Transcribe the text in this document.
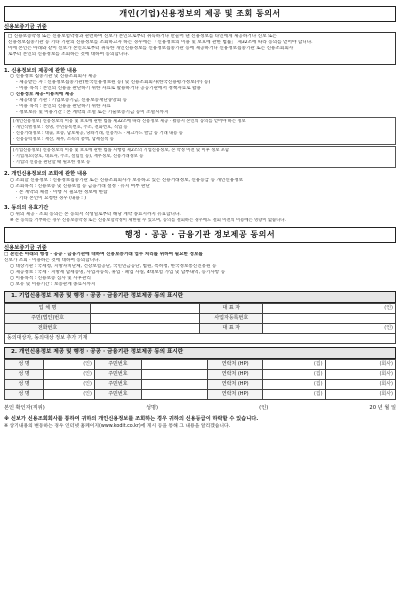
개인(기업)신용정보의 제공 및 조회 동의서
신용보증기금 귀중
□ 신용보증약정 또는 신용보험약정과 관련하여 신보가 본인으로부터 취득하거나 만들어 낸 신용정보를 타인에게 제공하거나 신보 또는
신용정보집중기관 등 기타 기관의 신용정보를 조회하고자 하는 경우에는 「신용정보의 이용 및 보호에 관한 법률」 제32조에 따라 동의를 얻어야 합니다.
이에 본인은 아래와 같이 신보가 본인으로부터 취득한 개인신용정보를 신용정보집중기관 등에 제공하거나 신용정보집중기관 또는 신용조회회사
로부터 본인의 신용정보를 조회하는 것에 대하여 동의합니다.
1. 신용정보의 제공에 관한 내용
○ 신용정보 집중기관 및 신용조회회사 제공
- 제공받는 자 : 신용정보집중기관(한국신용정보원 등) 및 신용조회회사(한국신용평가정보(주) 등)
- 이용 목적 : 본인의 신용을 판단하기 위한 자료로 활용하거나 공공기관에서 정책자료로 활용
○ 신용정보 제공·이용처에 제공
- 제공대상 기관 : 기업보증기금, 신용보증재단중앙회 등
- 이용 목적 : 본인의 신용을 판단하기 위한 자료
- 정보보유 및 이용기간 : 본 계약의 소멸 또는 기술보증기금 등이 소멸시까지
[개인신용정보] 신용정보의 이용 및 보호에 관한 법률 제32조에 따라 신용정보 제공 · 활용시 본인의 동의를 얻어야 하는 정보
· 개인식별정보 : 성명, 주민등록번호, 주소, 전화번호, 직업 등
· 신용거래정보 : 대출, 보증, 담보제공, 당좌거래, 신용카드 · 체크카드 발급 등 거래 내용 등
· 신용능력정보 : 재산, 채무, 소득의 총액, 납세실적 등
[기업신용정보] 신용정보의 이용 및 보호에 관한 법률 시행령 제2조의 기업신용정보, 본 약정 이전 및 이후 정보 포함
· 기업개요(상호, 대표자, 주소, 설립일 등), 재무정보, 신용거래정보 등
· 기업의 신용을 판단할 때 필요한 정보 등
2. 개인신용정보의 조회에 관한 내용
○ 조회할 신용정보 : 신용정보집중기관 또는 신용조회회사가 보유하고 있는 신용거래정보, 신용등급 등 개인신용정보
○ 조회목적 : 신용보증 및 신용보험 등 금융거래 설정 · 유지 여부 판단
· 본 계약의 체결 · 이행 시 필요한 정보에 한함
· 기타 본인이 요청한 경우 (내용 : )
3. 동의의 유효기간
○ 위의 제공 · 조회 동의는 본 동의서 작성일로부터 해당 계약 종료시까지 유효합니다.
※ 본 동의를 거부하는 경우 신용보증약정 또는 신용보험약정이 제한될 수 있으며, 동의를 철회하는 경우에도 철회 이전의 이용에는 영향이 없습니다.
행정 · 공공 · 금융기관 정보제공 동의서
신용보증기금 귀중
□ 본인은 아래의 행정 · 공공 · 금융기관에 대하여 신용보증거래 업무 처리를 위하여 필요한 정보를
신보가 조회 · 이용하는 것에 대하여 동의합니다.
○ 대상기관 : 국세청, 지방자치단체, 건강보험공단, 국민연금공단, 법원, 특허청, 한국정보통신진흥원 등
○ 제공정보 : 국세 · 지방세 납세증명, 사업자등록, 휴업 · 폐업 사실, 4대보험 가입 및 납부내역, 등기사항 등
○ 이용목적 : 신용보증 심사 및 사후관리
○ 보유 및 이용기간 : 보증관계 종료시까지
1. 기업신용정보 제공 및 행정 · 공공 · 금융기관 정보제공 동의 표시란
업 체 명		대 표 자	(인)
주민(법인)번호		사업자등록번호	
전화번호		대 표 자	(인)
동의대상자, 동의대상 정보 추가 기재			
2. 개인신용정보 제공 및 행정 · 공공 · 금융기관 정보제공 동의 표시란
성 명	(인)	주민번호		연락처 (HP)	(집)	(회사)
성 명	(인)	주민번호		연락처 (HP)	(집)	(회사)
성 명	(인)	주민번호		연락처 (HP)	(집)	(회사)
성 명	(인)	주민번호		연락처 (HP)	(집)	(회사)
본인 확인자(직위)	성명)	(인)	20 년 월 일
※ 신보가 신용조회회사를 통하여 귀하의 개인신용정보를 조회하는 경우 귀하의 신용등급이 하락할 수 있습니다.
※ 상기내용의 변동하는 경우 인터넷 홈페이지(www.kodit.co.kr)에 게시 등을 통해 그 내용을 알리겠습니다.
